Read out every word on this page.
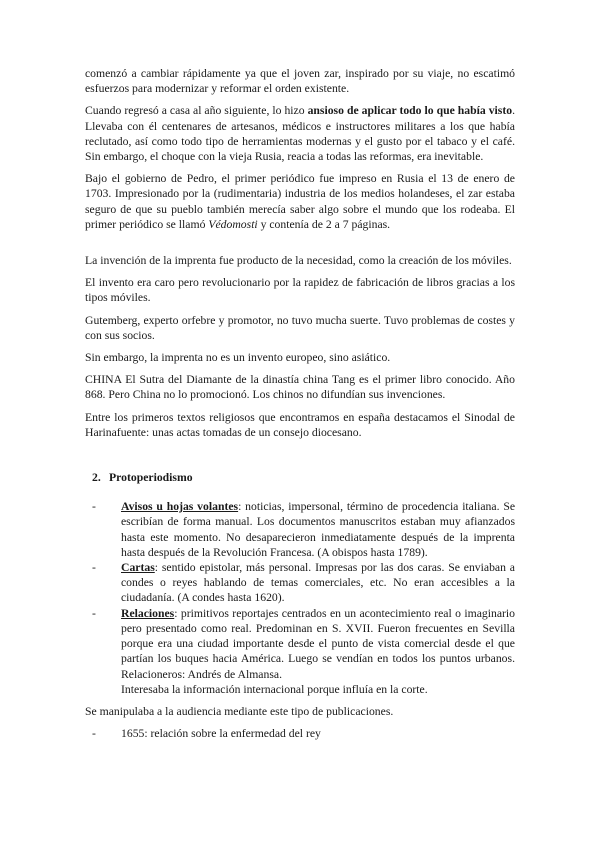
comenzó a cambiar rápidamente ya que el joven zar, inspirado por su viaje, no escatimó esfuerzos para modernizar y reformar el orden existente.

Cuando regresó a casa al año siguiente, lo hizo ansioso de aplicar todo lo que había visto. Llevaba con él centenares de artesanos, médicos e instructores militares a los que había reclutado, así como todo tipo de herramientas modernas y el gusto por el tabaco y el café. Sin embargo, el choque con la vieja Rusia, reacia a todas las reformas, era inevitable.

Bajo el gobierno de Pedro, el primer periódico fue impreso en Rusia el 13 de enero de 1703. Impresionado por la (rudimentaria) industria de los medios holandeses, el zar estaba seguro de que su pueblo también merecía saber algo sobre el mundo que los rodeaba. El primer periódico se llamó Védomosti y contenía de 2 a 7 páginas.

La invención de la imprenta fue producto de la necesidad, como la creación de los móviles.

El invento era caro pero revolucionario por la rapidez de fabricación de libros gracias a los tipos móviles.

Gutemberg, experto orfebre y promotor, no tuvo mucha suerte. Tuvo problemas de costes y con sus socios.

Sin embargo, la imprenta no es un invento europeo, sino asiático.

CHINA El Sutra del Diamante de la dinastía china Tang es el primer libro conocido. Año 868. Pero China no lo promocionó. Los chinos no difundían sus invenciones.

Entre los primeros textos religiosos que encontramos en españa destacamos el Sinodal de Harinafuente: unas actas tomadas de un consejo diocesano.

2. Protoperiodismo
-	Avisos u hojas volantes: noticias, impersonal, término de procedencia italiana. Se escribían de forma manual. Los documentos manuscritos estaban muy afianzados hasta este momento. No desaparecieron inmediatamente después de la imprenta hasta después de la Revolución Francesa. (A obispos hasta 1789).
-	Cartas: sentido epistolar, más personal. Impresas por las dos caras. Se enviaban a condes o reyes hablando de temas comerciales, etc. No eran accesibles a la ciudadanía. (A condes hasta 1620).
-	Relaciones: primitivos reportajes centrados en un acontecimiento real o imaginario pero presentado como real. Predominan en S. XVII. Fueron frecuentes en Sevilla porque era una ciudad importante desde el punto de vista comercial desde el que partían los buques hacia América. Luego se vendían en todos los puntos urbanos. Relacioneros: Andrés de Almansa.
Interesaba la información internacional porque influía en la corte.

Se manipulaba a la audiencia mediante este tipo de publicaciones.

-	1655: relación sobre la enfermedad del rey
